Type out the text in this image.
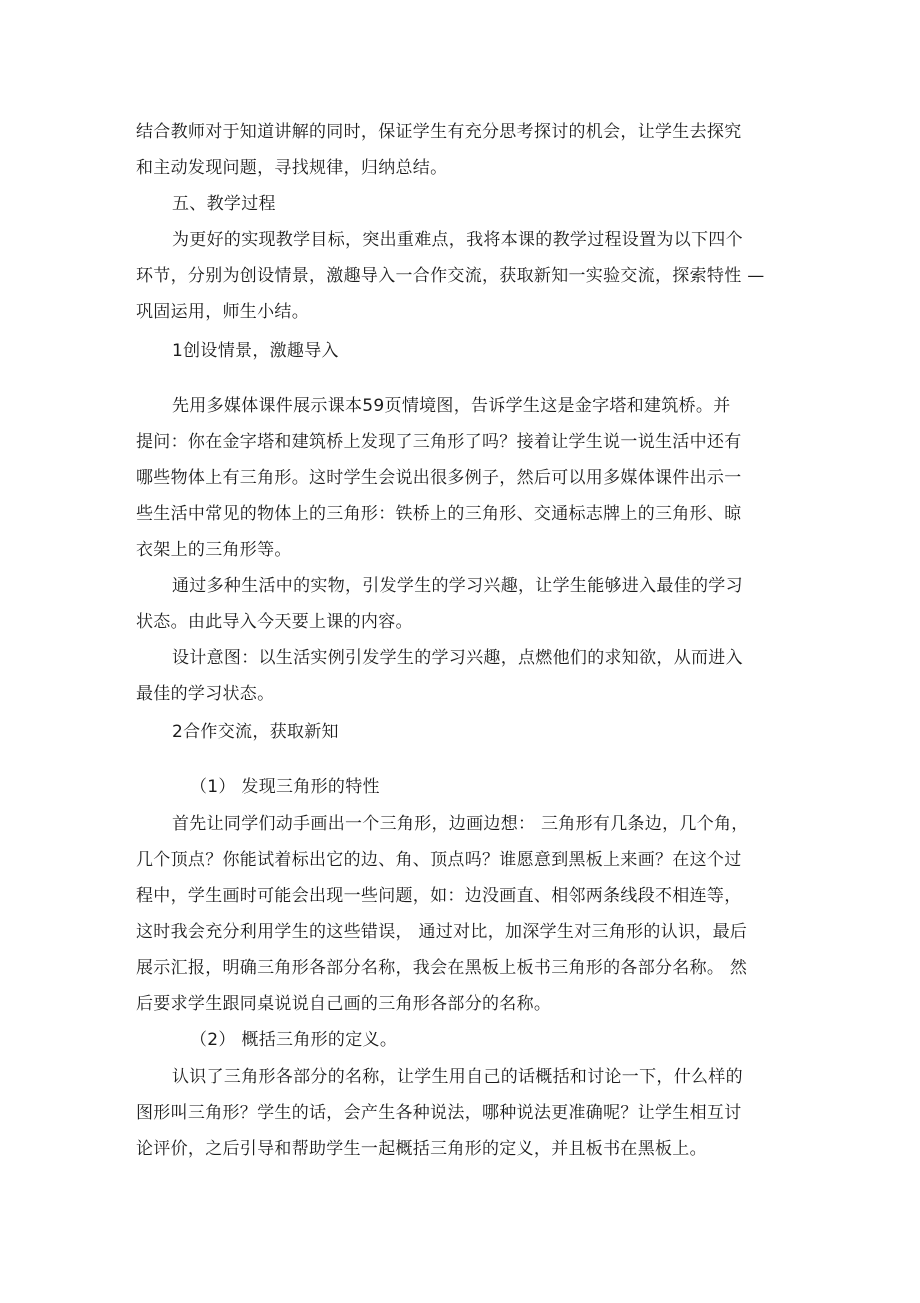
结合教师对于知道讲解的同时，保证学生有充分思考探讨的机会，让学生去探究
和主动发现问题，寻找规律，归纳总结。
五、教学过程
为更好的实现教学目标，突出重难点，我将本课的教学过程设置为以下四个
环节，分别为创设情景，激趣导入一合作交流，获取新知一实验交流，探索特性 —
巩固运用，师生小结。
1创设情景，激趣导入
先用多媒体课件展示课本59页情境图，告诉学生这是金字塔和建筑桥。并
提问：你在金字塔和建筑桥上发现了三角形了吗？接着让学生说一说生活中还有
哪些物体上有三角形。这时学生会说出很多例子，然后可以用多媒体课件出示一
些生活中常见的物体上的三角形：铁桥上的三角形、交通标志牌上的三角形、晾
衣架上的三角形等。
通过多种生活中的实物，引发学生的学习兴趣，让学生能够进入最佳的学习
状态。由此导入今天要上课的内容。
设计意图：以生活实例引发学生的学习兴趣，点燃他们的求知欲，从而进入
最佳的学习状态。
2合作交流，获取新知
（1） 发现三角形的特性
首先让同学们动手画出一个三角形，边画边想： 三角形有几条边，几个角，
几个顶点？你能试着标出它的边、角、顶点吗？谁愿意到黑板上来画？在这个过
程中，学生画时可能会出现一些问题，如：边没画直、相邻两条线段不相连等，
这时我会充分利用学生的这些错误， 通过对比，加深学生对三角形的认识，最后
展示汇报，明确三角形各部分名称，我会在黑板上板书三角形的各部分名称。 然
后要求学生跟同桌说说自己画的三角形各部分的名称。
（2） 概括三角形的定义。
认识了三角形各部分的名称，让学生用自己的话概括和讨论一下，什么样的
图形叫三角形？学生的话，会产生各种说法，哪种说法更准确呢？让学生相互讨
论评价，之后引导和帮助学生一起概括三角形的定义，并且板书在黑板上。
